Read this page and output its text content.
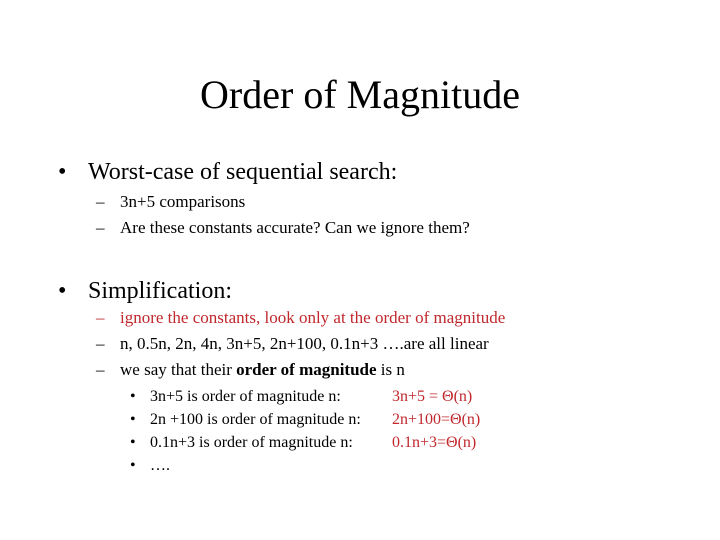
Order of Magnitude
• Worst-case of sequential search:
– 3n+5 comparisons
– Are these constants accurate? Can we ignore them?
• Simplification:
– ignore the constants, look only at the order of magnitude
– n, 0.5n, 2n, 4n, 3n+5, 2n+100, 0.1n+3 ….are all linear
– we say that their order of magnitude is n
• 3n+5 is order of magnitude n:	3n+5 = Θ(n)
• 2n +100 is order of magnitude n: 2n+100=Θ(n)
• 0.1n+3 is order of magnitude n: 0.1n+3=Θ(n)
• ….
